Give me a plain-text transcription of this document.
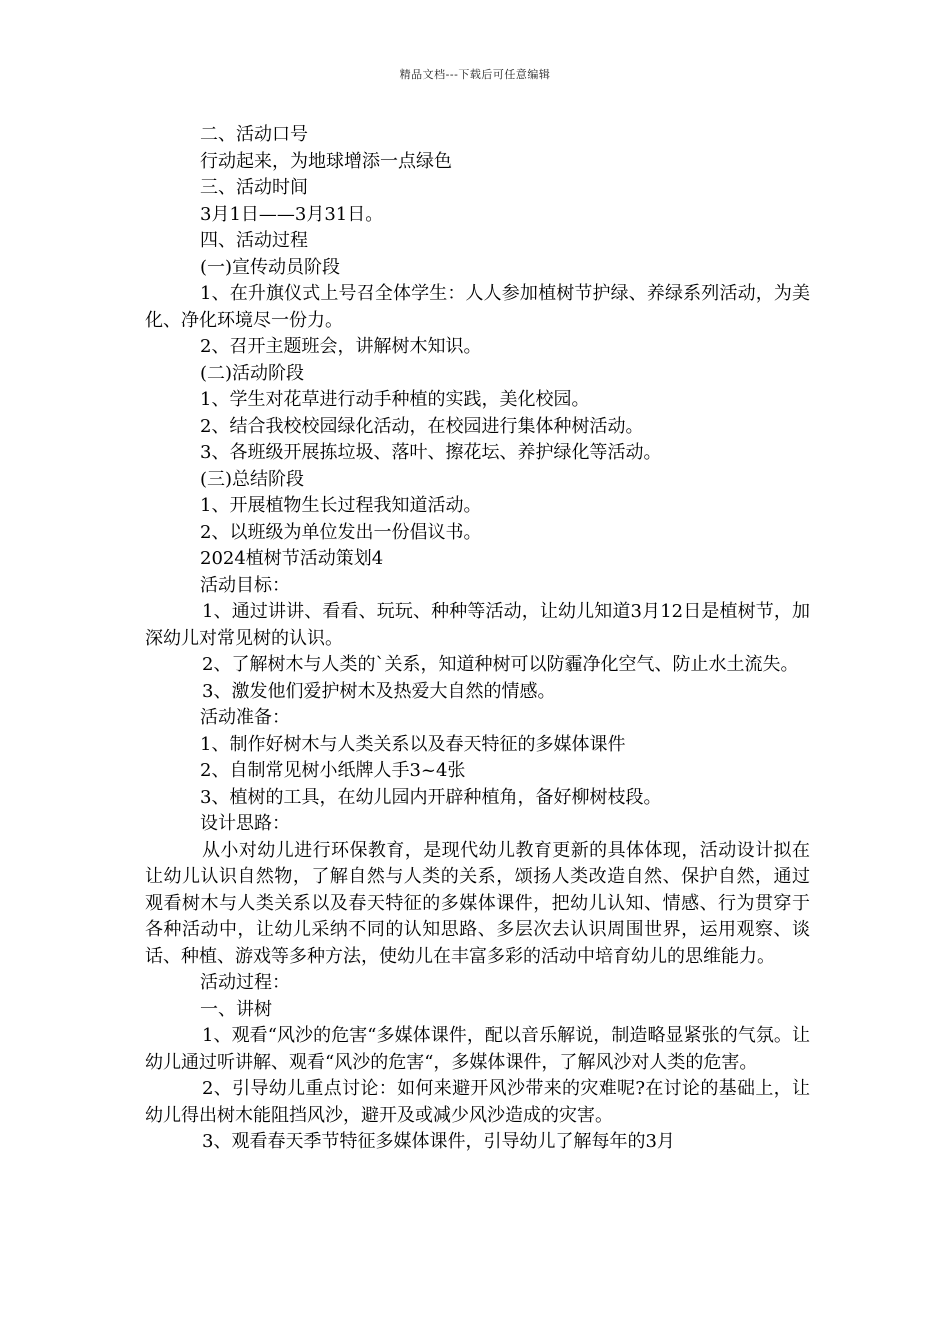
精品文档---下载后可任意编辑

二、活动口号

行动起来，为地球增添一点绿色

三、活动时间

3月1日——3月31日。

四、活动过程

(一)宣传动员阶段

1、在升旗仪式上号召全体学生：人人参加植树节护绿、养绿系列活动，为美化、净化环境尽一份力。

2、召开主题班会，讲解树木知识。

(二)活动阶段

1、学生对花草进行动手种植的实践，美化校园。

2、结合我校校园绿化活动，在校园进行集体种树活动。

3、各班级开展拣垃圾、落叶、擦花坛、养护绿化等活动。

(三)总结阶段

1、开展植物生长过程我知道活动。

2、以班级为单位发出一份倡议书。

2024植树节活动策划4

活动目标：

1、通过讲讲、看看、玩玩、种种等活动，让幼儿知道3月12日是植树节，加深幼儿对常见树的认识。

2、了解树木与人类的`关系，知道种树可以防霾净化空气、防止水土流失。

3、激发他们爱护树木及热爱大自然的情感。

活动准备：

1、制作好树木与人类关系以及春天特征的多媒体课件

2、自制常见树小纸牌人手3~4张

3、植树的工具，在幼儿园内开辟种植角，备好柳树枝段。

设计思路：

从小对幼儿进行环保教育，是现代幼儿教育更新的具体体现，活动设计拟在让幼儿认识自然物，了解自然与人类的关系，颂扬人类改造自然、保护自然，通过观看树木与人类关系以及春天特征的多媒体课件，把幼儿认知、情感、行为贯穿于各种活动中，让幼儿采纳不同的认知思路、多层次去认识周围世界，运用观察、谈话、种植、游戏等多种方法，使幼儿在丰富多彩的活动中培育幼儿的思维能力。

活动过程：

一、讲树

1、观看“风沙的危害“多媒体课件，配以音乐解说，制造略显紧张的气氛。让幼儿通过听讲解、观看“风沙的危害“，多媒体课件，了解风沙对人类的危害。

2、引导幼儿重点讨论：如何来避开风沙带来的灾难呢?在讨论的基础上，让幼儿得出树木能阻挡风沙，避开及或减少风沙造成的灾害。

3、观看春天季节特征多媒体课件，引导幼儿了解每年的3月
